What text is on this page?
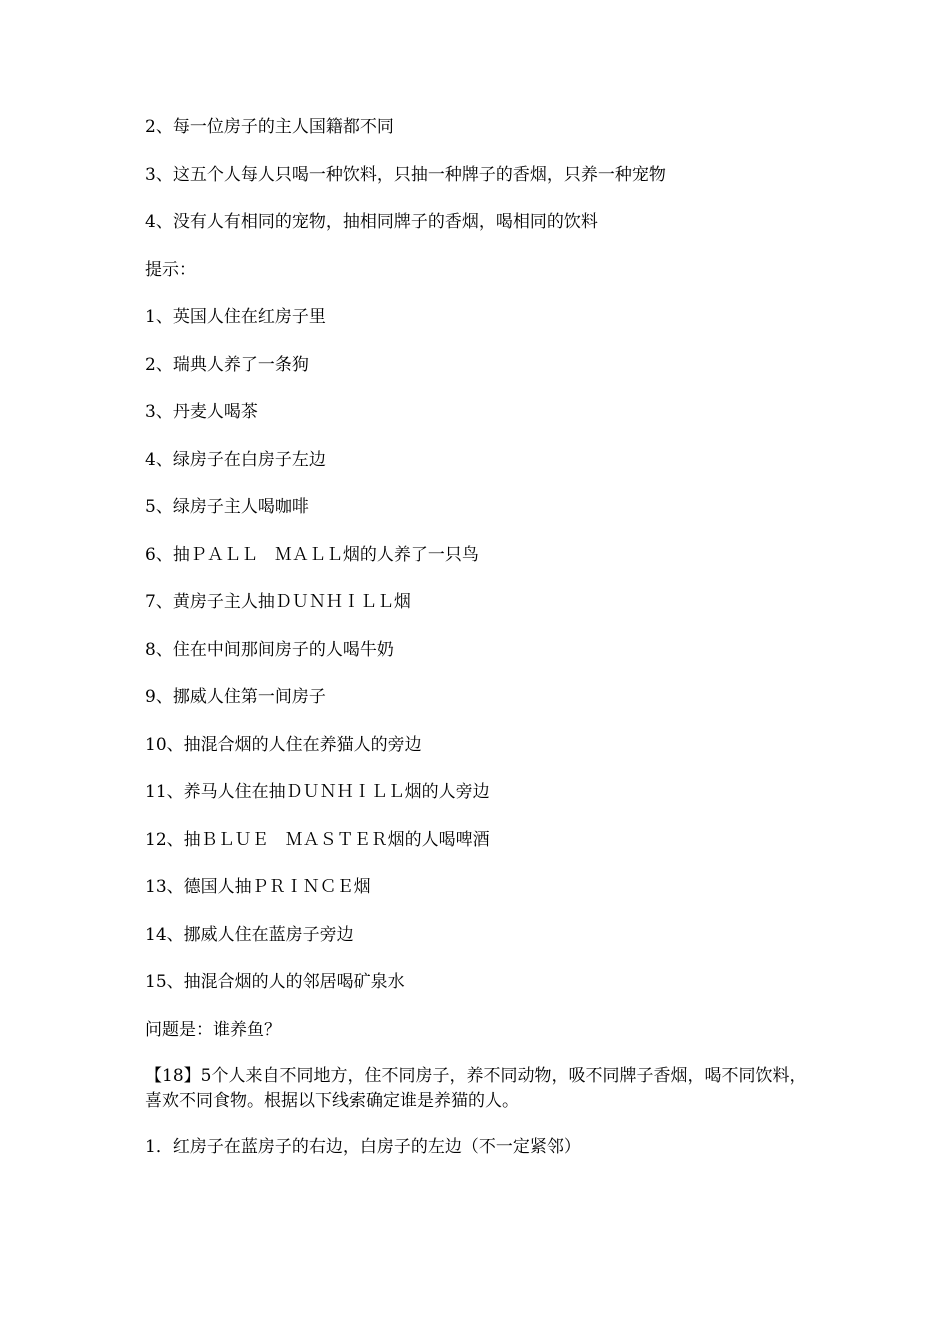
2、每一位房子的主人国籍都不同

3、这五个人每人只喝一种饮料，只抽一种牌子的香烟，只养一种宠物

4、没有人有相同的宠物，抽相同牌子的香烟，喝相同的饮料

提示：

1、英国人住在红房子里

2、瑞典人养了一条狗

3、丹麦人喝茶

4、绿房子在白房子左边

5、绿房子主人喝咖啡

6、抽ＰＡＬＬ　ＭＡＬＬ烟的人养了一只鸟

7、黄房子主人抽ＤＵＮＨＩＬＬ烟

8、住在中间那间房子的人喝牛奶

9、挪威人住第一间房子

10、抽混合烟的人住在养猫人的旁边

11、养马人住在抽ＤＵＮＨＩＬＬ烟的人旁边

12、抽ＢＬＵＥ　ＭＡＳＴＥＲ烟的人喝啤酒

13、德国人抽ＰＲＩＮＣＥ烟

14、挪威人住在蓝房子旁边

15、抽混合烟的人的邻居喝矿泉水

问题是：谁养鱼？

【18】5个人来自不同地方，住不同房子，养不同动物，吸不同牌子香烟，喝不同饮料，喜欢不同食物。根据以下线索确定谁是养猫的人。

1．红房子在蓝房子的右边，白房子的左边（不一定紧邻）
